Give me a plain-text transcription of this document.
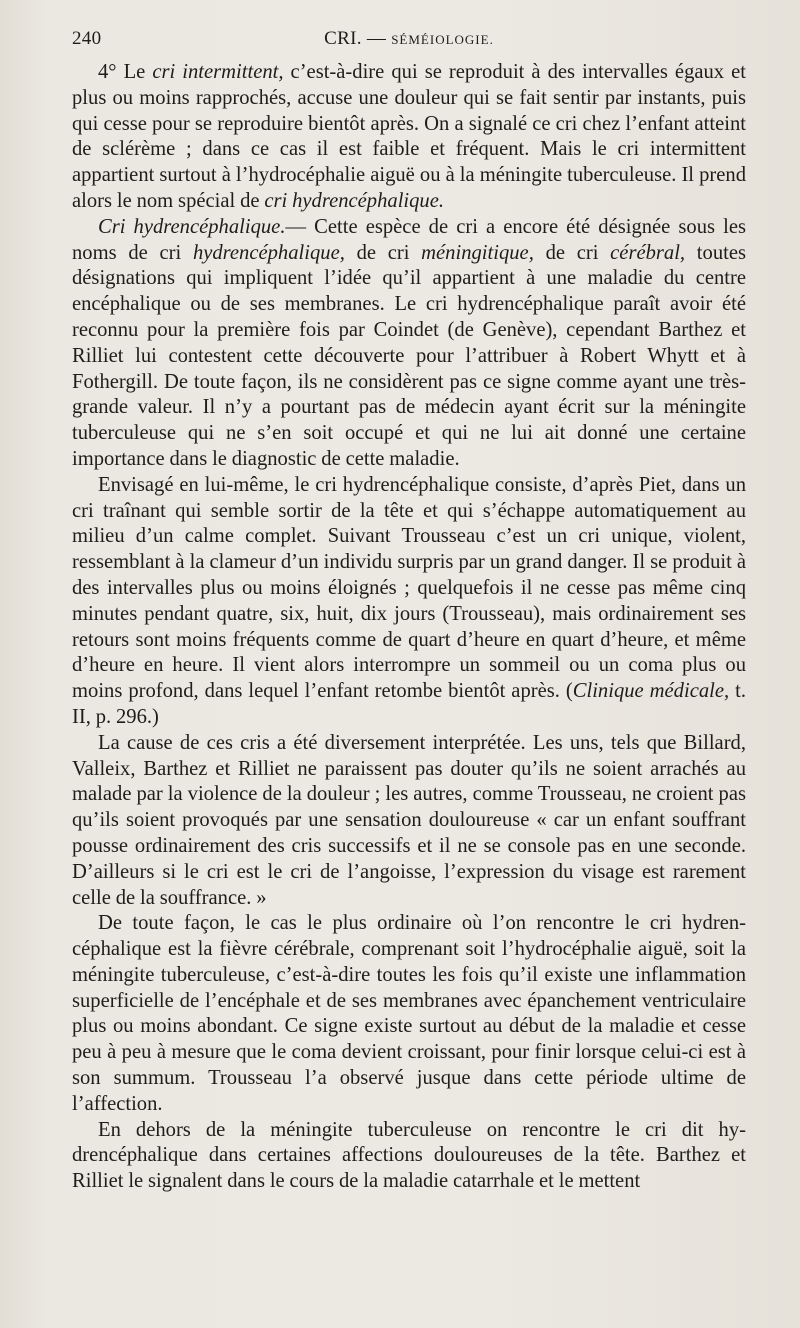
240	CRI. — SÉMÉIOLOGIE.

4° Le cri intermittent, c’est-à-dire qui se reproduit à des intervalles égaux et plus ou moins rapprochés, accuse une douleur qui se fait sentir par instants, puis qui cesse pour se reproduire bientôt après. On a signalé ce cri chez l’enfant atteint de sclérème ; dans ce cas il est faible et fréquent. Mais le cri intermittent appartient surtout à l’hydrocéphalie aiguë ou à la méningite tuberculeuse. Il prend alors le nom spécial de cri hydrencéphalique.

Cri hydrencéphalique.— Cette espèce de cri a encore été désignée sous les noms de cri hydrencéphalique, de cri méningitique, de cri cérébral, toutes désignations qui impliquent l’idée qu’il appartient à une maladie du centre encéphalique ou de ses membranes. Le cri hydrencéphalique paraît avoir été reconnu pour la première fois par Coindet (de Genève), cependant Barthez et Rilliet lui contestent cette découverte pour l’attribuer à Robert Whytt et à Fothergill. De toute façon, ils ne considèrent pas ce signe comme ayant une très-grande valeur. Il n’y a pourtant pas de médecin ayant écrit sur la méningite tuberculeuse qui ne s’en soit occupé et qui ne lui ait donné une certaine importance dans le diagnostic de cette maladie.

Envisagé en lui-même, le cri hydrencéphalique consiste, d’après Piet, dans un cri traînant qui semble sortir de la tête et qui s’échappe automatiquement au milieu d’un calme complet. Suivant Trousseau c’est un cri unique, violent, ressemblant à la clameur d’un individu surpris par un grand danger. Il se produit à des intervalles plus ou moins éloignés ; quelquefois il ne cesse pas même cinq minutes pendant quatre, six, huit, dix jours (Trousseau), mais ordinairement ses retours sont moins fréquents comme de quart d’heure en quart d’heure, et même d’heure en heure. Il vient alors interrompre un sommeil ou un coma plus ou moins profond, dans lequel l’enfant retombe bientôt après. (Clinique médicale, t. II, p. 296.)

La cause de ces cris a été diversement interprétée. Les uns, tels que Billard, Valleix, Barthez et Rilliet ne paraissent pas douter qu’ils ne soient arrachés au malade par la violence de la douleur ; les autres, comme Trousseau, ne croient pas qu’ils soient provoqués par une sensation douloureuse « car un enfant souffrant pousse ordinairement des cris successifs et il ne se console pas en une seconde. D’ailleurs si le cri est le cri de l’angoisse, l’expression du visage est rarement celle de la souffrance. »

De toute façon, le cas le plus ordinaire où l’on rencontre le cri hydrencéphalique est la fièvre cérébrale, comprenant soit l’hydrocéphalie aiguë, soit la méningite tuberculeuse, c’est-à-dire toutes les fois qu’il existe une inflammation superficielle de l’encéphale et de ses membranes avec épanchement ventriculaire plus ou moins abondant. Ce signe existe surtout au début de la maladie et cesse peu à peu à mesure que le coma devient croissant, pour finir lorsque celui-ci est à son summum. Trousseau l’a observé jusque dans cette période ultime de l’affection.

En dehors de la méningite tuberculeuse on rencontre le cri dit hydrencéphalique dans certaines affections douloureuses de la tête. Barthez et Rilliet le signalent dans le cours de la maladie catarrhale et le mettent
